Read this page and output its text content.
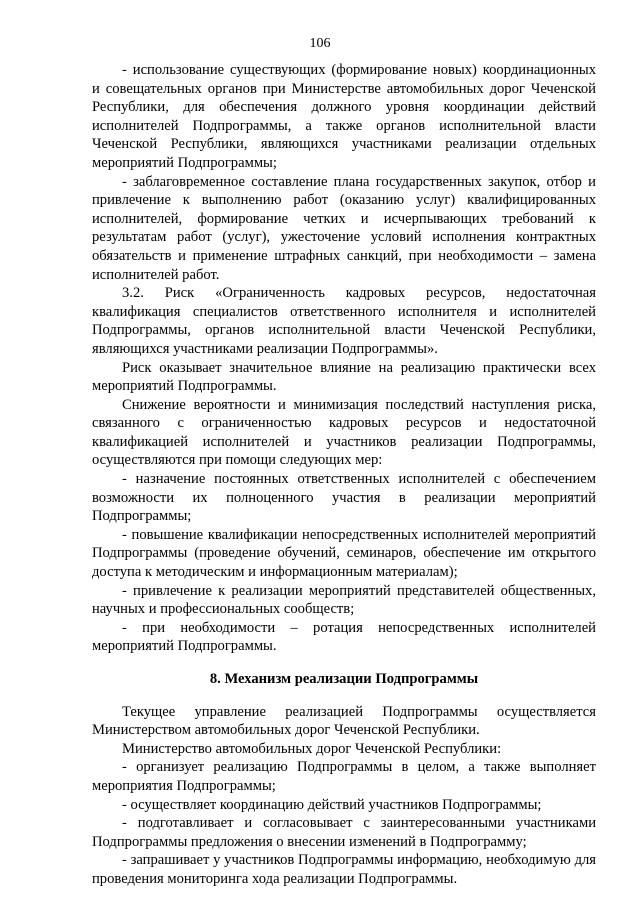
106

- использование существующих (формирование новых) координационных и совещательных органов при Министерстве автомобильных дорог Чеченской Республики, для обеспечения должного уровня координации действий исполнителей Подпрограммы, а также органов исполнительной власти Чеченской Республики, являющихся участниками реализации отдельных мероприятий Подпрограммы;

- заблаговременное составление плана государственных закупок, отбор и привлечение к выполнению работ (оказанию услуг) квалифицированных исполнителей, формирование четких и исчерпывающих требований к результатам работ (услуг), ужесточение условий исполнения контрактных обязательств и применение штрафных санкций, при необходимости – замена исполнителей работ.

3.2. Риск «Ограниченность кадровых ресурсов, недостаточная квалификация специалистов ответственного исполнителя и исполнителей Подпрограммы, органов исполнительной власти Чеченской Республики, являющихся участниками реализации Подпрограммы».

Риск оказывает значительное влияние на реализацию практически всех мероприятий Подпрограммы.

Снижение вероятности и минимизация последствий наступления риска, связанного с ограниченностью кадровых ресурсов и недостаточной квалификацией исполнителей и участников реализации Подпрограммы, осуществляются при помощи следующих мер:

- назначение постоянных ответственных исполнителей с обеспечением возможности их полноценного участия в реализации мероприятий Подпрограммы;

- повышение квалификации непосредственных исполнителей мероприятий Подпрограммы (проведение обучений, семинаров, обеспечение им открытого доступа к методическим и информационным материалам);

- привлечение к реализации мероприятий представителей общественных, научных и профессиональных сообществ;

- при необходимости – ротация непосредственных исполнителей мероприятий Подпрограммы.

8. Механизм реализации Подпрограммы

Текущее управление реализацией Подпрограммы осуществляется Министерством автомобильных дорог Чеченской Республики.

Министерство автомобильных дорог Чеченской Республики:

- организует реализацию Подпрограммы в целом, а также выполняет мероприятия Подпрограммы;

- осуществляет координацию действий участников Подпрограммы;

- подготавливает и согласовывает с заинтересованными участниками Подпрограммы предложения о внесении изменений в Подпрограмму;

- запрашивает у участников Подпрограммы информацию, необходимую для проведения мониторинга хода реализации Подпрограммы.
